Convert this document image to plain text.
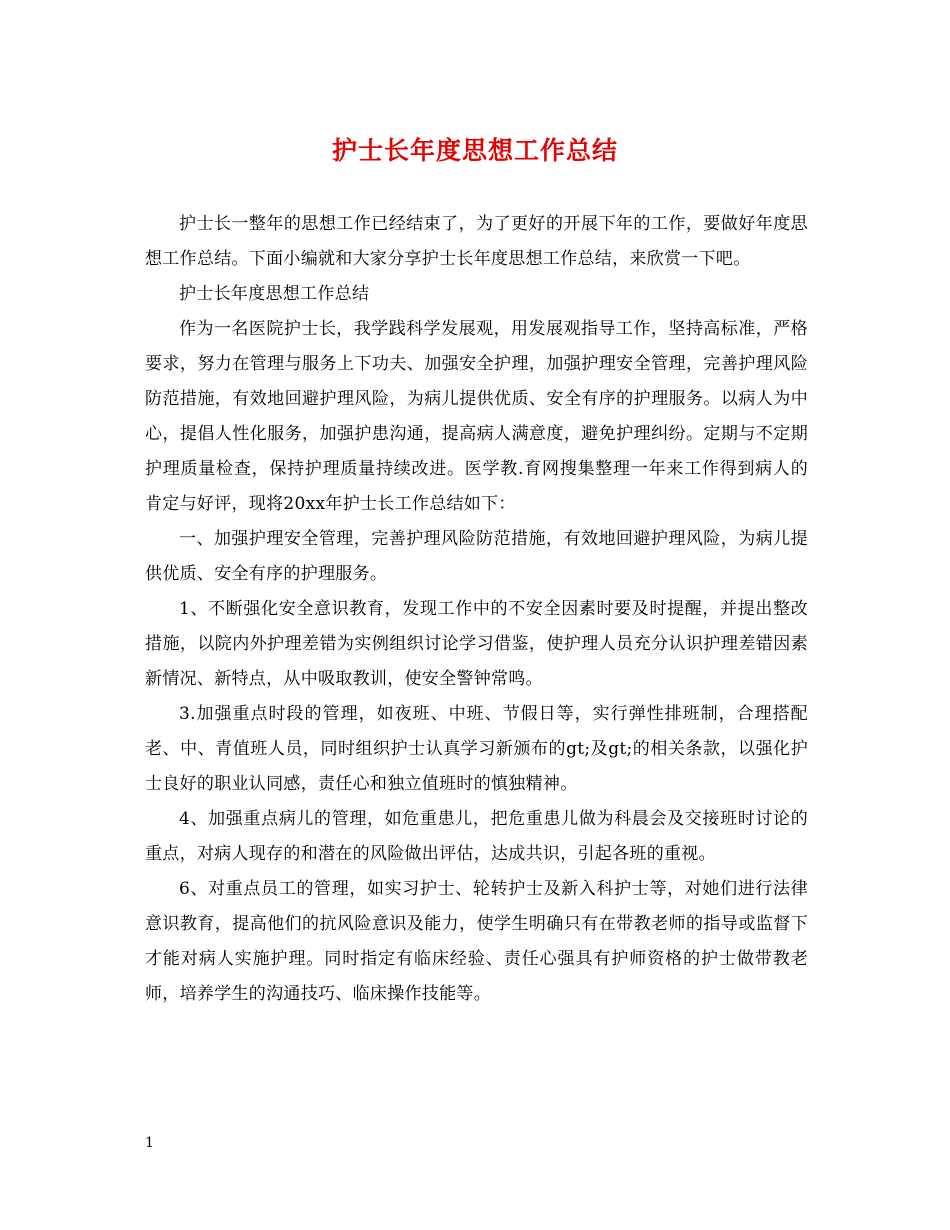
护士长年度思想工作总结

护士长一整年的思想工作已经结束了，为了更好的开展下年的工作，要做好年度思想工作总结。下面小编就和大家分享护士长年度思想工作总结，来欣赏一下吧。

护士长年度思想工作总结

作为一名医院护士长，我学践科学发展观，用发展观指导工作，坚持高标准，严格要求，努力在管理与服务上下功夫、加强安全护理，加强护理安全管理，完善护理风险防范措施，有效地回避护理风险，为病儿提供优质、安全有序的护理服务。以病人为中心，提倡人性化服务，加强护患沟通，提高病人满意度，避免护理纠纷。定期与不定期护理质量检查，保持护理质量持续改进。医学教.育网搜集整理一年来工作得到病人的肯定与好评，现将20xx年护士长工作总结如下：

一、加强护理安全管理，完善护理风险防范措施，有效地回避护理风险，为病儿提供优质、安全有序的护理服务。

1、不断强化安全意识教育，发现工作中的不安全因素时要及时提醒，并提出整改措施，以院内外护理差错为实例组织讨论学习借鉴，使护理人员充分认识护理差错因素新情况、新特点，从中吸取教训，使安全警钟常鸣。

3.加强重点时段的管理，如夜班、中班、节假日等，实行弹性排班制，合理搭配老、中、青值班人员，同时组织护士认真学习新颁布的gt;及gt;的相关条款，以强化护士良好的职业认同感，责任心和独立值班时的慎独精神。

4、加强重点病儿的管理，如危重患儿，把危重患儿做为科晨会及交接班时讨论的重点，对病人现存的和潜在的风险做出评估，达成共识，引起各班的重视。

6、对重点员工的管理，如实习护士、轮转护士及新入科护士等，对她们进行法律意识教育，提高他们的抗风险意识及能力，使学生明确只有在带教老师的指导或监督下才能对病人实施护理。同时指定有临床经验、责任心强具有护师资格的护士做带教老师，培养学生的沟通技巧、临床操作技能等。

1
